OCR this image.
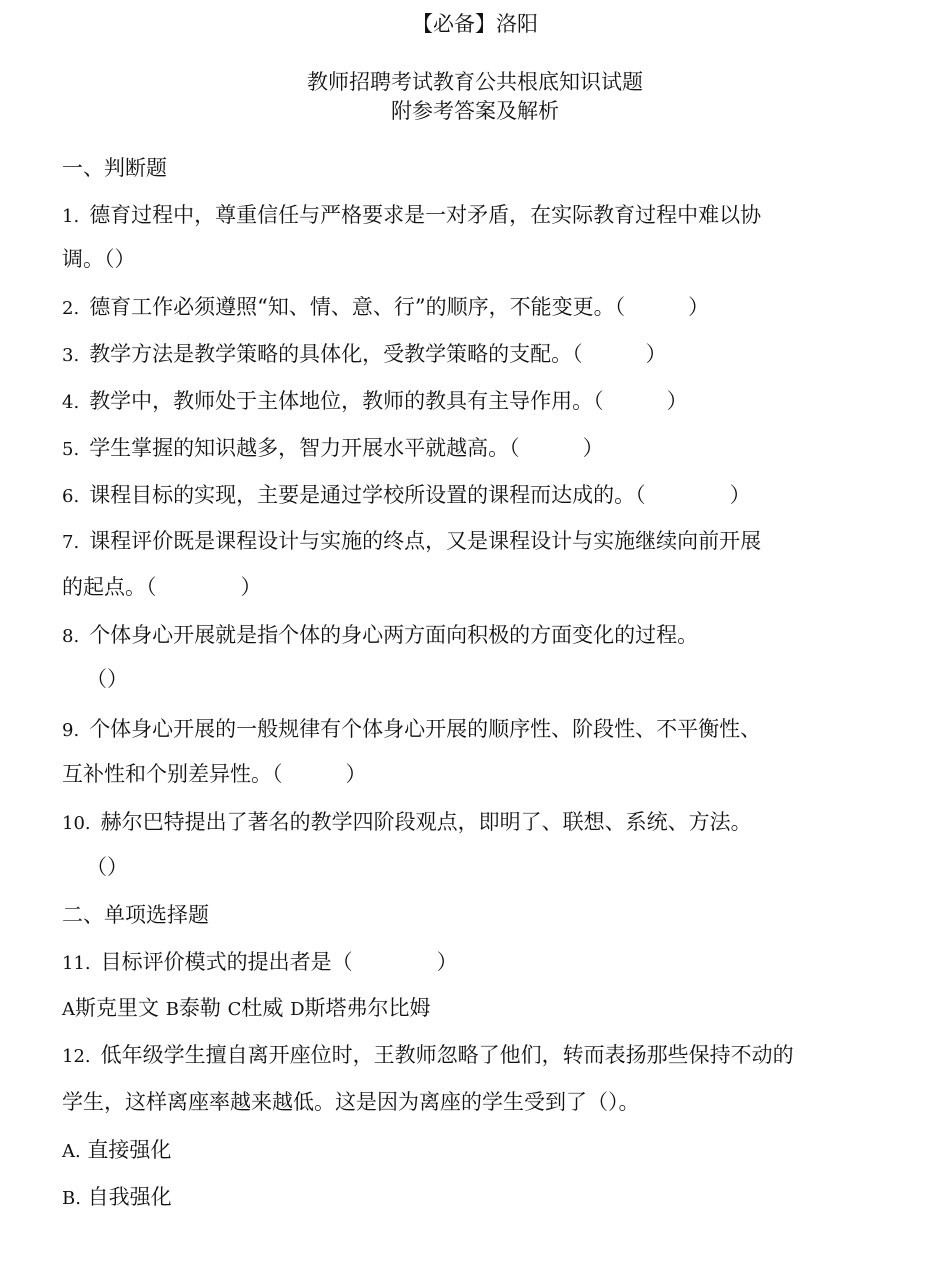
【必备】洛阳
教师招聘考试教育公共根底知识试题
附参考答案及解析
一、判断题
1. 德育过程中，尊重信任与严格要求是一对矛盾，在实际教育过程中难以协
调。（）
2. 德育工作必须遵照“知、情、意、行”的顺序，不能变更。（　　　）
3. 教学方法是教学策略的具体化，受教学策略的支配。（　　　）
4. 教学中，教师处于主体地位，教师的教具有主导作用。（　　　）
5. 学生掌握的知识越多，智力开展水平就越高。（　　　）
6. 课程目标的实现，主要是通过学校所设置的课程而达成的。（　　　　）
7. 课程评价既是课程设计与实施的终点，又是课程设计与实施继续向前开展
的起点。（　　　　）
8. 个体身心开展就是指个体的身心两方面向积极的方面变化的过程。
（）
9. 个体身心开展的一般规律有个体身心开展的顺序性、阶段性、不平衡性、
互补性和个别差异性。（　　　）
10. 赫尔巴特提出了著名的教学四阶段观点，即明了、联想、系统、方法。
（）
二、单项选择题
11. 目标评价模式的提出者是（　　　　）
A斯克里文 B泰勒 C杜威 D斯塔弗尔比姆
12. 低年级学生擅自离开座位时，王教师忽略了他们，转而表扬那些保持不动的
学生，这样离座率越来越低。这是因为离座的学生受到了（）。
A. 直接强化
B. 自我强化
